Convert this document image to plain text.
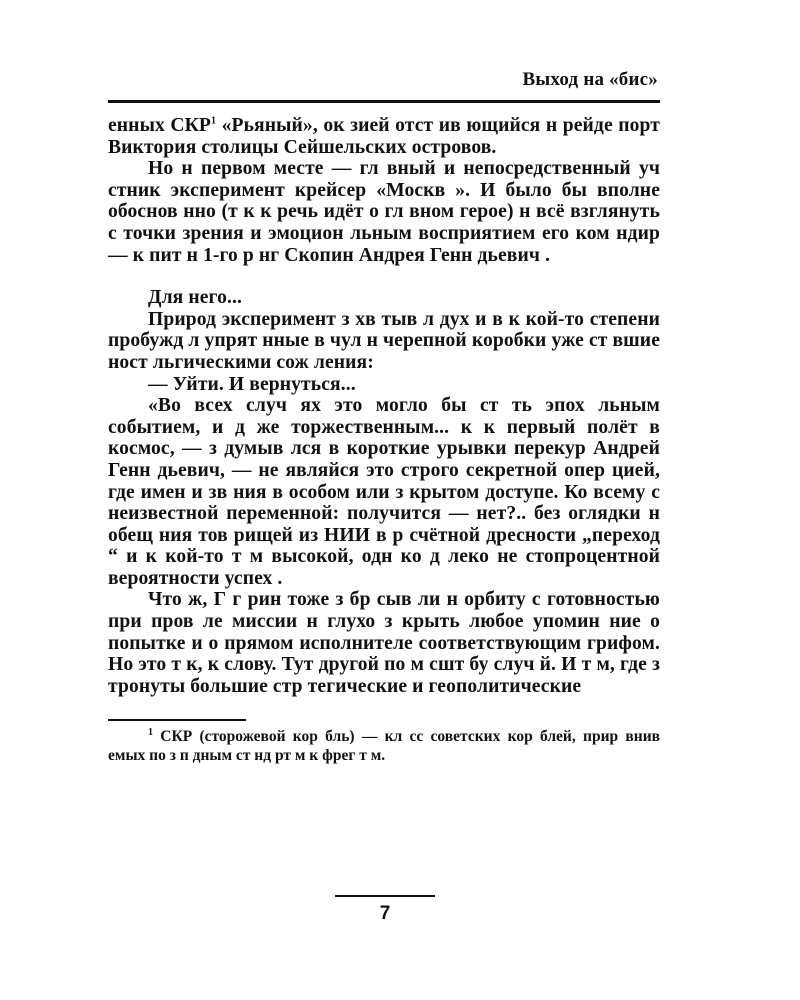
Выход на «бис»

енных СКР$^1$ «Рьяный», ок зией отст ив ющийся н рейде порт Виктория столицы Сейшельских островов.

Но н первом месте — гл вный и непосредственный уч стник эксперимент крейсер «Москв ». И было бы вполне обоснов нно (т к к речь идёт о гл вном герое) н всё взглянуть с точки зрения и эмоцион льным восприятием его ком ндир — к пит н 1-го р нг Скопин Андрея Генн дьевич .

Для него...

Природ эксперимент з хв тыв л дух и в к кой-то степени пробужд л упрят нные в чул н черепной коробки уже ст вшие ност льгическими сож ления:

— Уйти. И вернуться...

«Во всех случ ях это могло бы ст ть эпох льным событием, и д же торжественным... к к первый полёт в космос, — з думыв лся в короткие урывки перекур Андрей Генн дьевич, — не являйся это строго секретной опер цией, где имен и зв ния в особом или з крытом доступе. Ко всему с неизвестной переменной: получится — нет?.. без оглядки н обещ ния тов рищей из НИИ в р счётной дресности „переход “ и к кой-то т м высокой, одн ко д леко не стопроцентной вероятности успех .

Что ж, Г г рин тоже з бр сыв ли н орбиту с готовностью при пров ле миссии н глухо з крыть любое упомин ние о попытке и о прямом исполнителе соответствующим грифом. Но это т к, к слову. Тут другой по м сшт бу случ й. И т м, где з тронуты большие стр тегические и геополитические

$^1$ СКР (сторожевой кор бль) — кл сс советских кор блей, прир внив емых по з п дным ст нд рт м к фрег т м.
7
